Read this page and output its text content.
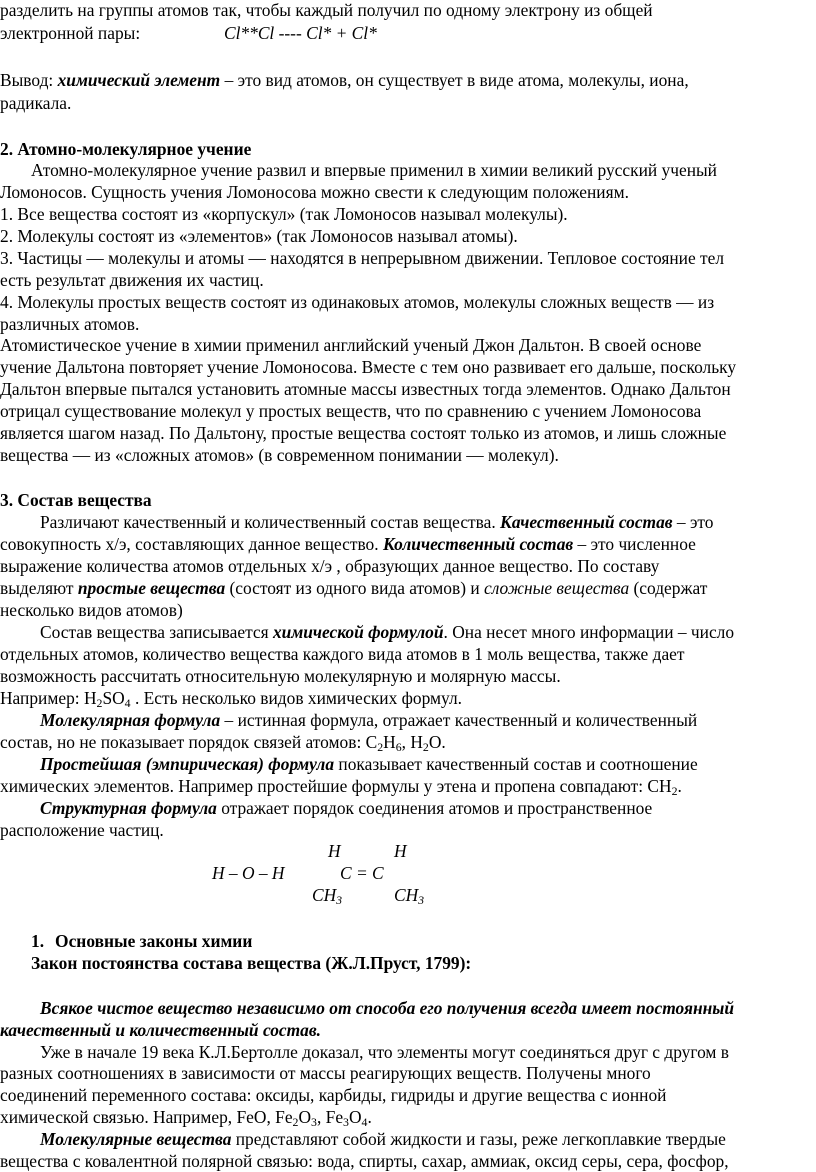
разделить на группы атомов так, чтобы каждый получил по одному электрону из общей
электронной пары:	Cl**Cl ---- Cl* + Cl*
Вывод: химический элемент – это вид атомов, он существует в виде атома, молекулы, иона,
радикала.
2. Атомно-молекулярное учение
Атомно-молекулярное учение развил и впервые применил в химии великий русский ученый
Ломоносов. Сущность учения Ломоносова можно свести к следующим положениям.
1. Все вещества состоят из «корпускул» (так Ломоносов называл молекулы).
2. Молекулы состоят из «элементов» (так Ломоносов называл атомы).
3. Частицы — молекулы и атомы — находятся в непрерывном движении. Тепловое состояние тел
есть результат движения их частиц.
4. Молекулы простых веществ состоят из одинаковых атомов, молекулы сложных веществ — из
различных атомов.
Атомистическое учение в химии применил английский ученый Джон Дальтон. В своей основе
учение Дальтона повторяет учение Ломоносова. Вместе с тем оно развивает его дальше, поскольку
Дальтон впервые пытался установить атомные массы известных тогда элементов. Однако Дальтон
отрицал существование молекул у простых веществ, что по сравнению с учением Ломоносова
является шагом назад. По Дальтону, простые вещества состоят только из атомов, и лишь сложные
вещества — из «сложных атомов» (в современном понимании — молекул).
3. Состав вещества
Различают качественный и количественный состав вещества. Качественный состав – это
совокупность х/э, составляющих данное вещество. Количественный состав – это численное
выражение количества атомов отдельных х/э , образующих данное вещество. По составу
выделяют простые вещества (состоят из одного вида атомов) и сложные вещества (содержат
несколько видов атомов)
Состав вещества записывается химической формулой. Она несет много информации – число
отдельных атомов, количество вещества каждого вида атомов в 1 моль вещества, также дает
возможность рассчитать относительную молекулярную и молярную массы.
Например: $H_2SO_4$ . Есть несколько видов химических формул.
Молекулярная формула – истинная формула, отражает качественный и количественный
состав, но не показывает порядок связей атомов: $C_2H_6$, $H_2O$.
Простейшая (эмпирическая) формула показывает качественный состав и соотношение
химических элементов. Например простейшие формулы у этена и пропена совпадают: $CH_2$.
Структурная формула отражает порядок соединения атомов и пространственное
расположение частиц.
H	H
H – O – H	C = C
$CH_3$	$CH_3$
1. Основные законы химии
Закон постоянства состава вещества (Ж.Л.Пруст, 1799):
Всякое чистое вещество независимо от способа его получения всегда имеет постоянный
качественный и количественный состав.
Уже в начале 19 века К.Л.Бертолле доказал, что элементы могут соединяться друг с другом в
разных соотношениях в зависимости от массы реагирующих веществ. Получены много
соединений переменного состава: оксиды, карбиды, гидриды и другие вещества с ионной
химической связью. Например, FeO, $Fe_2O_3$, $Fe_3O_4$.
Молекулярные вещества представляют собой жидкости и газы, реже легкоплавкие твердые
вещества с ковалентной полярной связью: вода, спирты, сахар, аммиак, оксид серы, сера, фосфор,
